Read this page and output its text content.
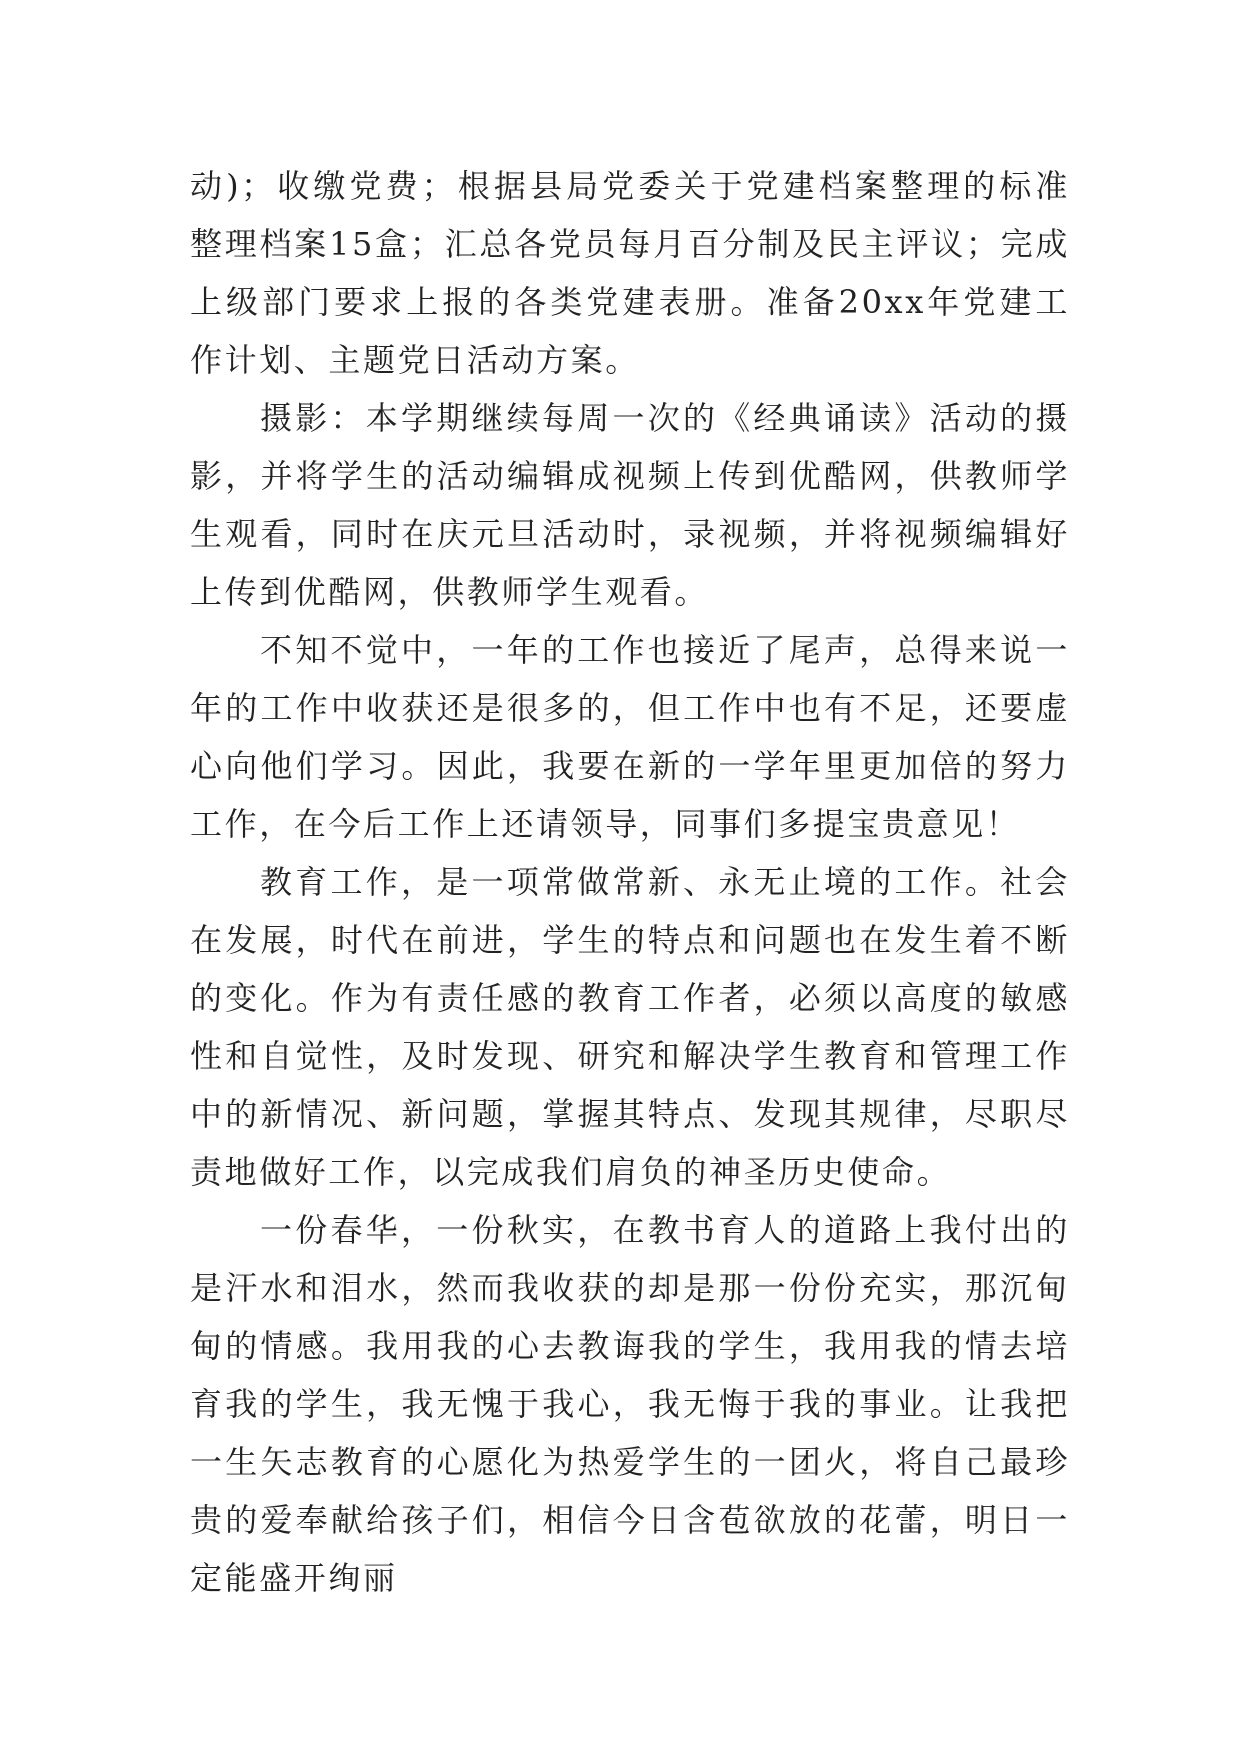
动)；收缴党费；根据县局党委关于党建档案整理的标准整理档案15盒；汇总各党员每月百分制及民主评议；完成上级部门要求上报的各类党建表册。准备20xx年党建工作计划、主题党日活动方案。

摄影：本学期继续每周一次的《经典诵读》活动的摄影，并将学生的活动编辑成视频上传到优酷网，供教师学生观看，同时在庆元旦活动时，录视频，并将视频编辑好上传到优酷网，供教师学生观看。

不知不觉中，一年的工作也接近了尾声，总得来说一年的工作中收获还是很多的，但工作中也有不足，还要虚心向他们学习。因此，我要在新的一学年里更加倍的努力工作，在今后工作上还请领导，同事们多提宝贵意见！

教育工作，是一项常做常新、永无止境的工作。社会在发展，时代在前进，学生的特点和问题也在发生着不断的变化。作为有责任感的教育工作者，必须以高度的敏感性和自觉性，及时发现、研究和解决学生教育和管理工作中的新情况、新问题，掌握其特点、发现其规律，尽职尽责地做好工作，以完成我们肩负的神圣历史使命。

一份春华，一份秋实，在教书育人的道路上我付出的是汗水和泪水，然而我收获的却是那一份份充实，那沉甸甸的情感。我用我的心去教诲我的学生，我用我的情去培育我的学生，我无愧于我心，我无悔于我的事业。让我把一生矢志教育的心愿化为热爱学生的一团火，将自己最珍贵的爱奉献给孩子们，相信今日含苞欲放的花蕾，明日一定能盛开绚丽
